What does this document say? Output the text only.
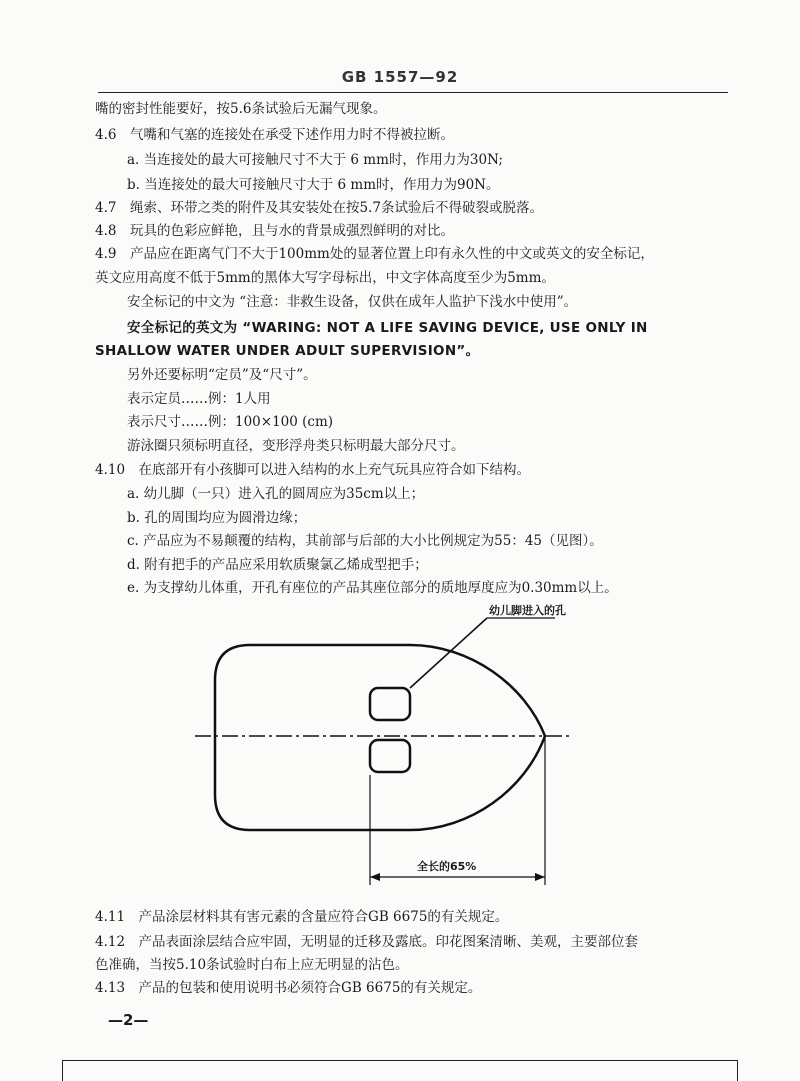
GB 1557—92
嘴的密封性能要好，按5.6条试验后无漏气现象。
4.6　气嘴和气塞的连接处在承受下述作用力时不得被拉断。
a. 当连接处的最大可接触尺寸不大于 6 mm时，作用力为30N;
b. 当连接处的最大可接触尺寸大于 6 mm时，作用力为90N。
4.7　绳索、环带之类的附件及其安装处在按5.7条试验后不得破裂或脱落。
4.8　玩具的色彩应鲜艳，且与水的背景成强烈鲜明的对比。
4.9　产品应在距离气门不大于100mm处的显著位置上印有永久性的中文或英文的安全标记，
英文应用高度不低于5mm的黑体大写字母标出，中文字体高度至少为5mm。
安全标记的中文为 “注意：非救生设备，仅供在成年人监护下浅水中使用”。
安全标记的英文为 “WARING: NOT A LIFE SAVING DEVICE, USE ONLY IN
SHALLOW WATER UNDER ADULT SUPERVISION”。
另外还要标明“定员”及“尺寸”。
表示定员……例：1人用
表示尺寸……例：100×100 (cm)
游泳圈只须标明直径，变形浮舟类只标明最大部分尺寸。
4.10　在底部开有小孩脚可以进入结构的水上充气玩具应符合如下结构。
a. 幼儿脚（一只）进入孔的圆周应为35cm以上；
b. 孔的周围均应为圆滑边缘；
c. 产品应为不易颠覆的结构，其前部与后部的大小比例规定为55：45（见图）。
d. 附有把手的产品应采用软质聚氯乙烯成型把手；
e. 为支撑幼儿体重，开孔有座位的产品其座位部分的质地厚度应为0.30mm以上。
幼儿脚进入的孔
全长的65%
4.11　产品涂层材料其有害元素的含量应符合GB 6675的有关规定。
4.12　产品表面涂层结合应牢固，无明显的迁移及露底。印花图案清晰、美观，主要部位套
色准确，当按5.10条试验时白布上应无明显的沾色。
4.13　产品的包装和使用说明书必须符合GB 6675的有关规定。
—2—
